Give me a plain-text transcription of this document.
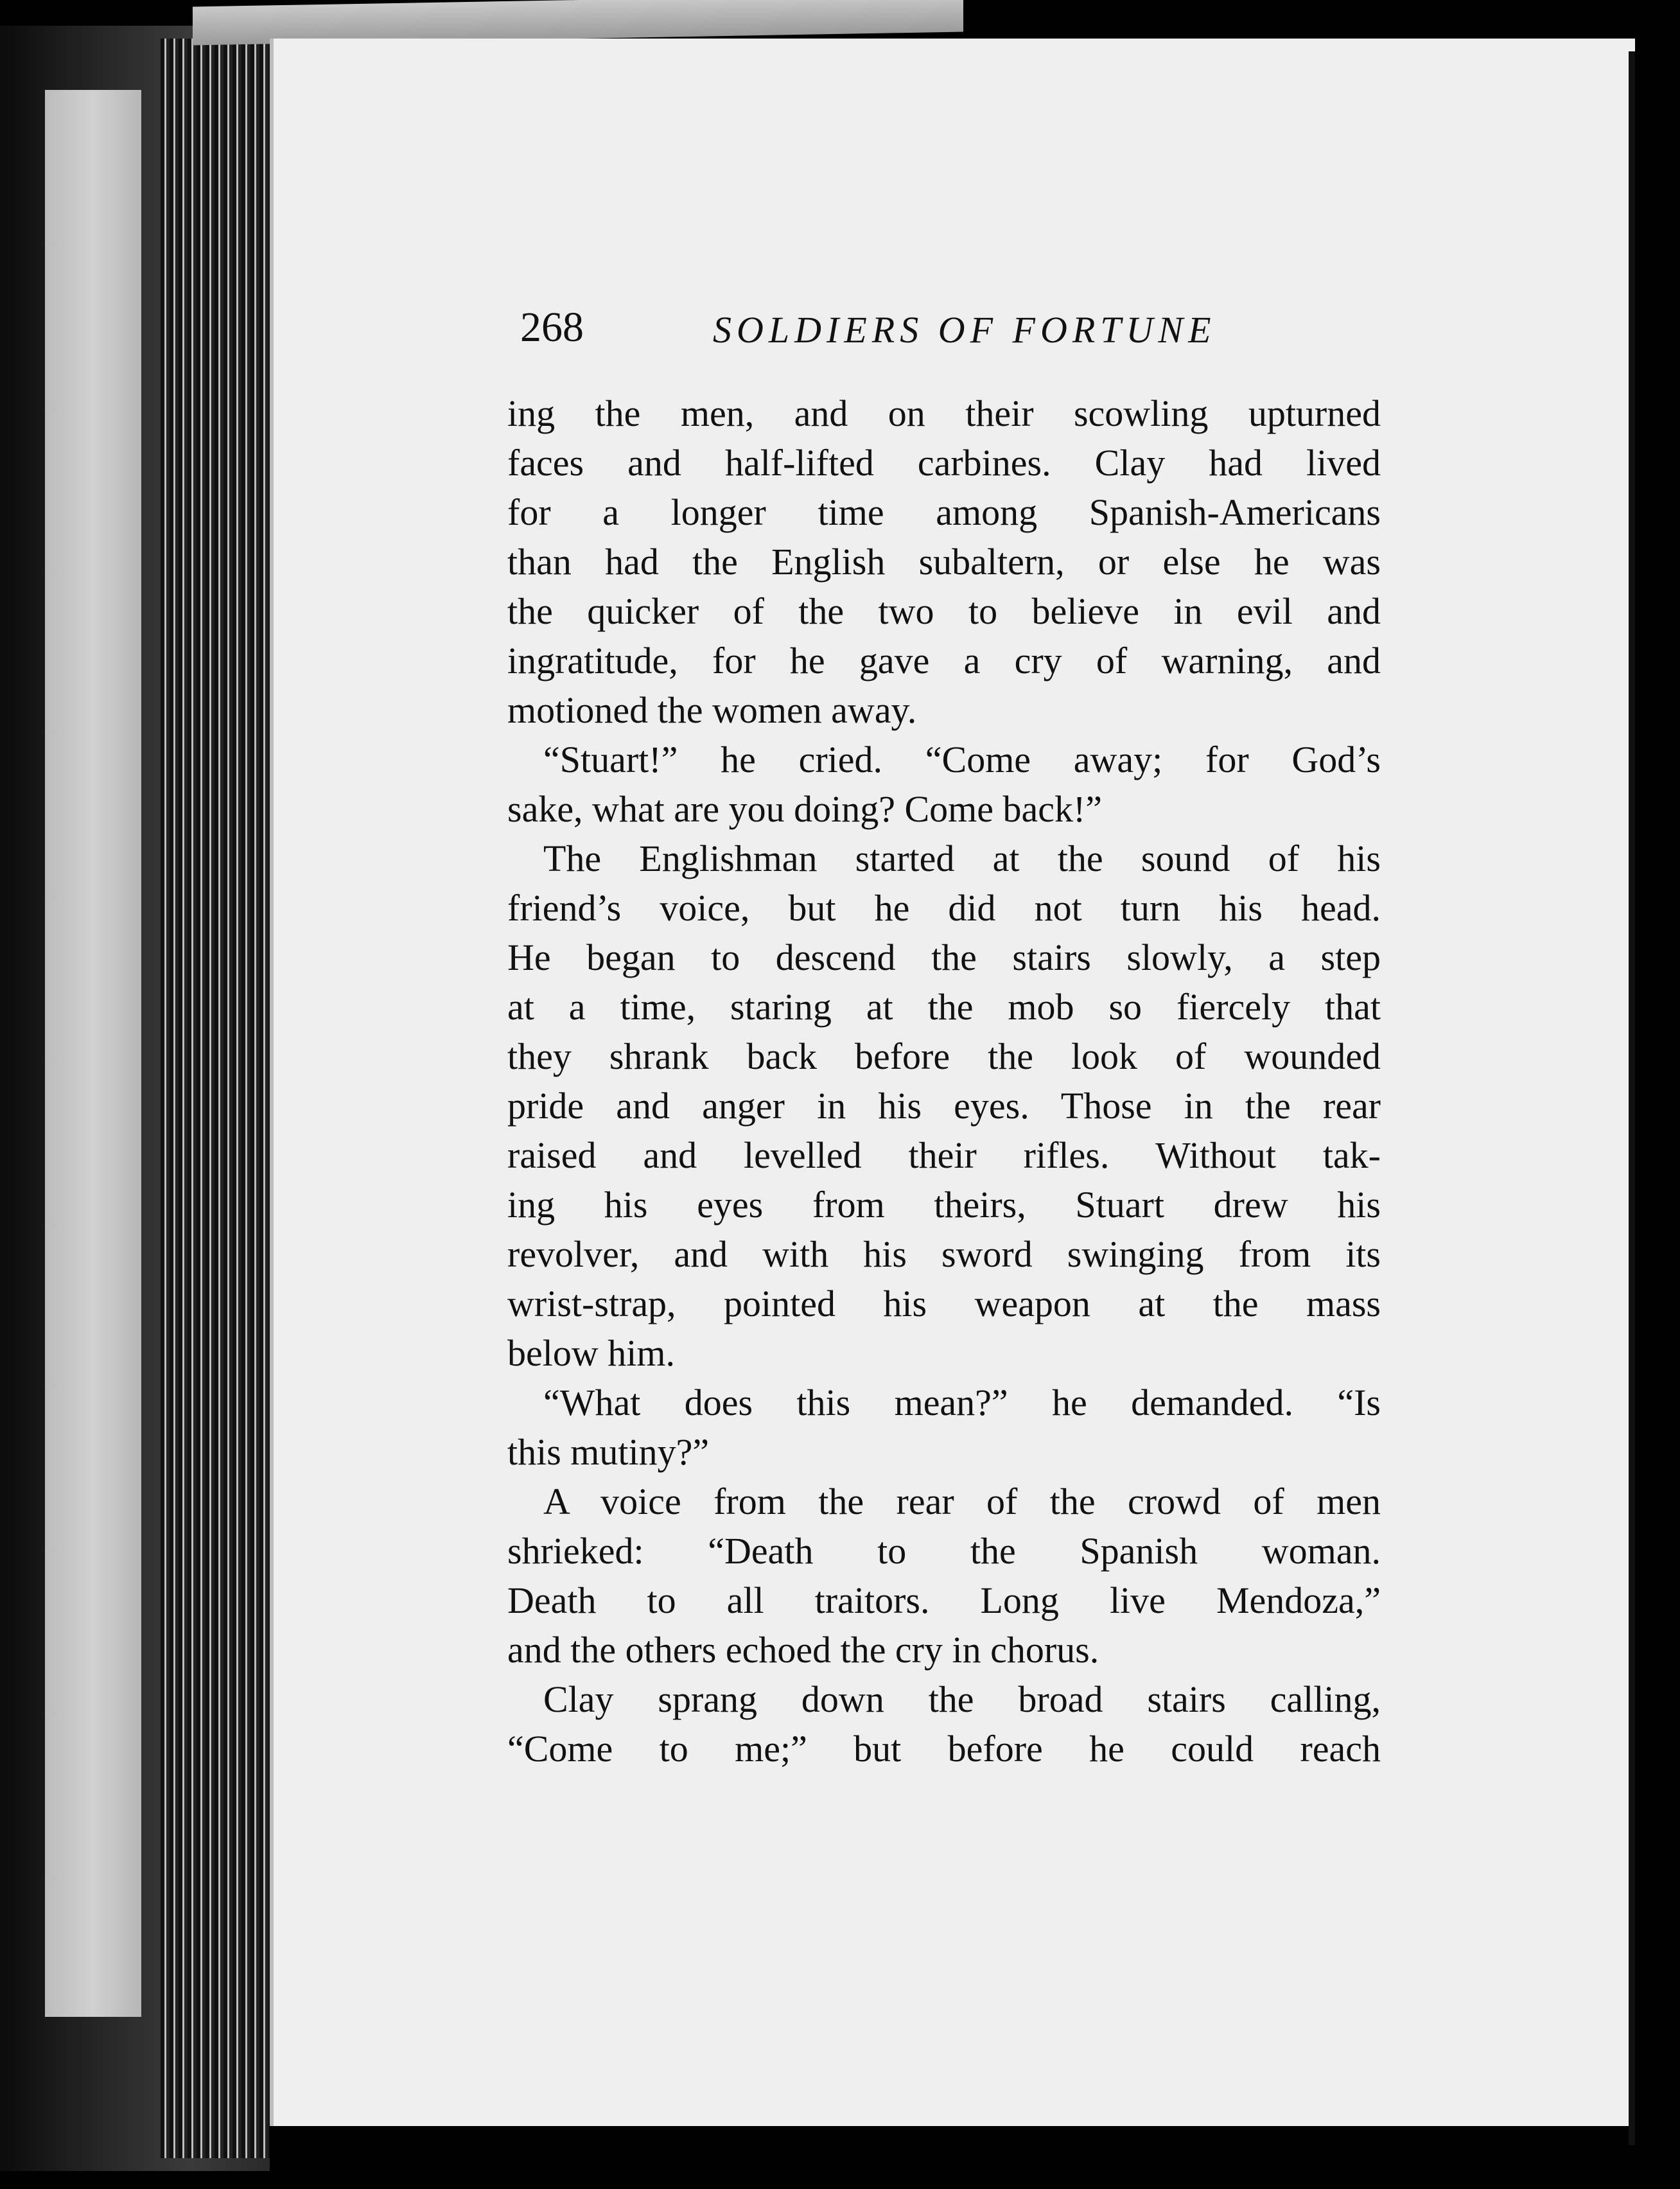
268	SOLDIERS OF FORTUNE
ing the men, and on their scowling upturned
faces and half-lifted carbines. Clay had lived
for a longer time among Spanish-Americans
than had the English subaltern, or else he was
the quicker of the two to believe in evil and
ingratitude, for he gave a cry of warning, and
motioned the women away.
“Stuart!” he cried. “Come away; for God’s
sake, what are you doing? Come back!”
The Englishman started at the sound of his
friend’s voice, but he did not turn his head.
He began to descend the stairs slowly, a step
at a time, staring at the mob so fiercely that
they shrank back before the look of wounded
pride and anger in his eyes. Those in the rear
raised and levelled their rifles. Without tak-
ing his eyes from theirs, Stuart drew his
revolver, and with his sword swinging from its
wrist-strap, pointed his weapon at the mass
below him.
“What does this mean?” he demanded. “Is
this mutiny?”
A voice from the rear of the crowd of men
shrieked: “Death to the Spanish woman.
Death to all traitors. Long live Mendoza,”
and the others echoed the cry in chorus.
Clay sprang down the broad stairs calling,
“Come to me;” but before he could reach
